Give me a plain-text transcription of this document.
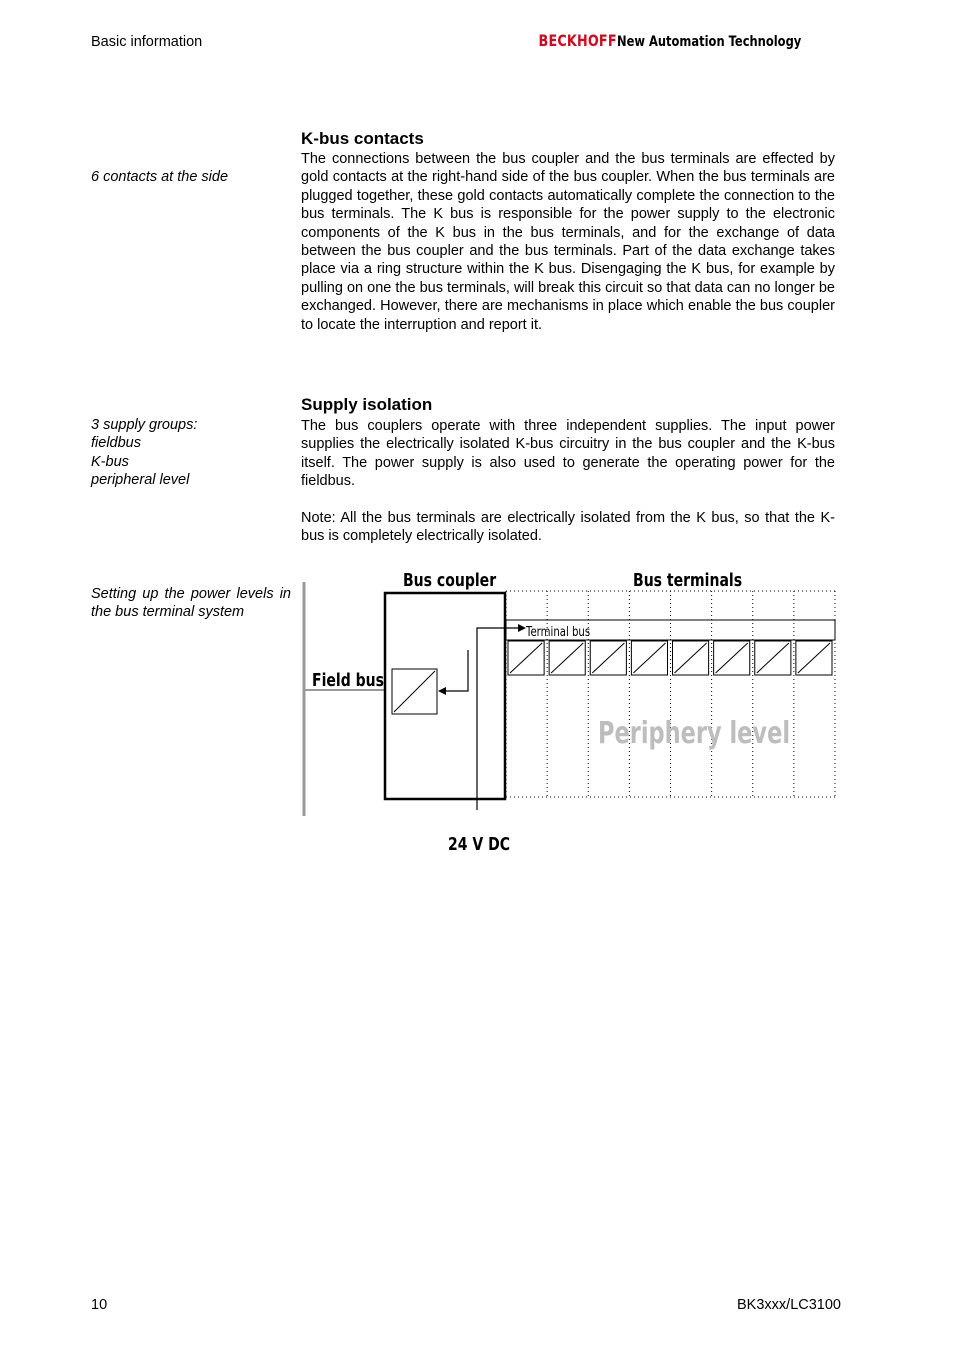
Basic information	BECKHOFF New Automation Technology
6 contacts at the side
K-bus contacts
The connections between the bus coupler and the bus terminals are effected by gold contacts at the right-hand side of the bus coupler. When the bus terminals are plugged together, these gold contacts automatically complete the connection to the bus terminals. The K bus is responsible for the power supply to the electronic components of the K bus in the bus terminals, and for the exchange of data between the bus coupler and the bus terminals. Part of the data exchange takes place via a ring structure within the K bus. Disengaging the K bus, for example by pulling on one the bus terminals, will break this circuit so that data can no longer be exchanged. However, there are mechanisms in place which enable the bus coupler to locate the interruption and report it.
3 supply groups:
fieldbus
K-bus
peripheral level
Supply isolation
The bus couplers operate with three independent supplies. The input power supplies the electrically isolated K-bus circuitry in the bus coupler and the K-bus itself. The power supply is also used to generate the operating power for the fieldbus.
Note: All the bus terminals are electrically isolated from the K bus, so that the K-bus is completely electrically isolated.
Setting up the power levels in the bus terminal system
Bus coupler	Bus terminals
Terminal bus
Field bus
Periphery level
24 V DC
10	BK3xxx/LC3100
